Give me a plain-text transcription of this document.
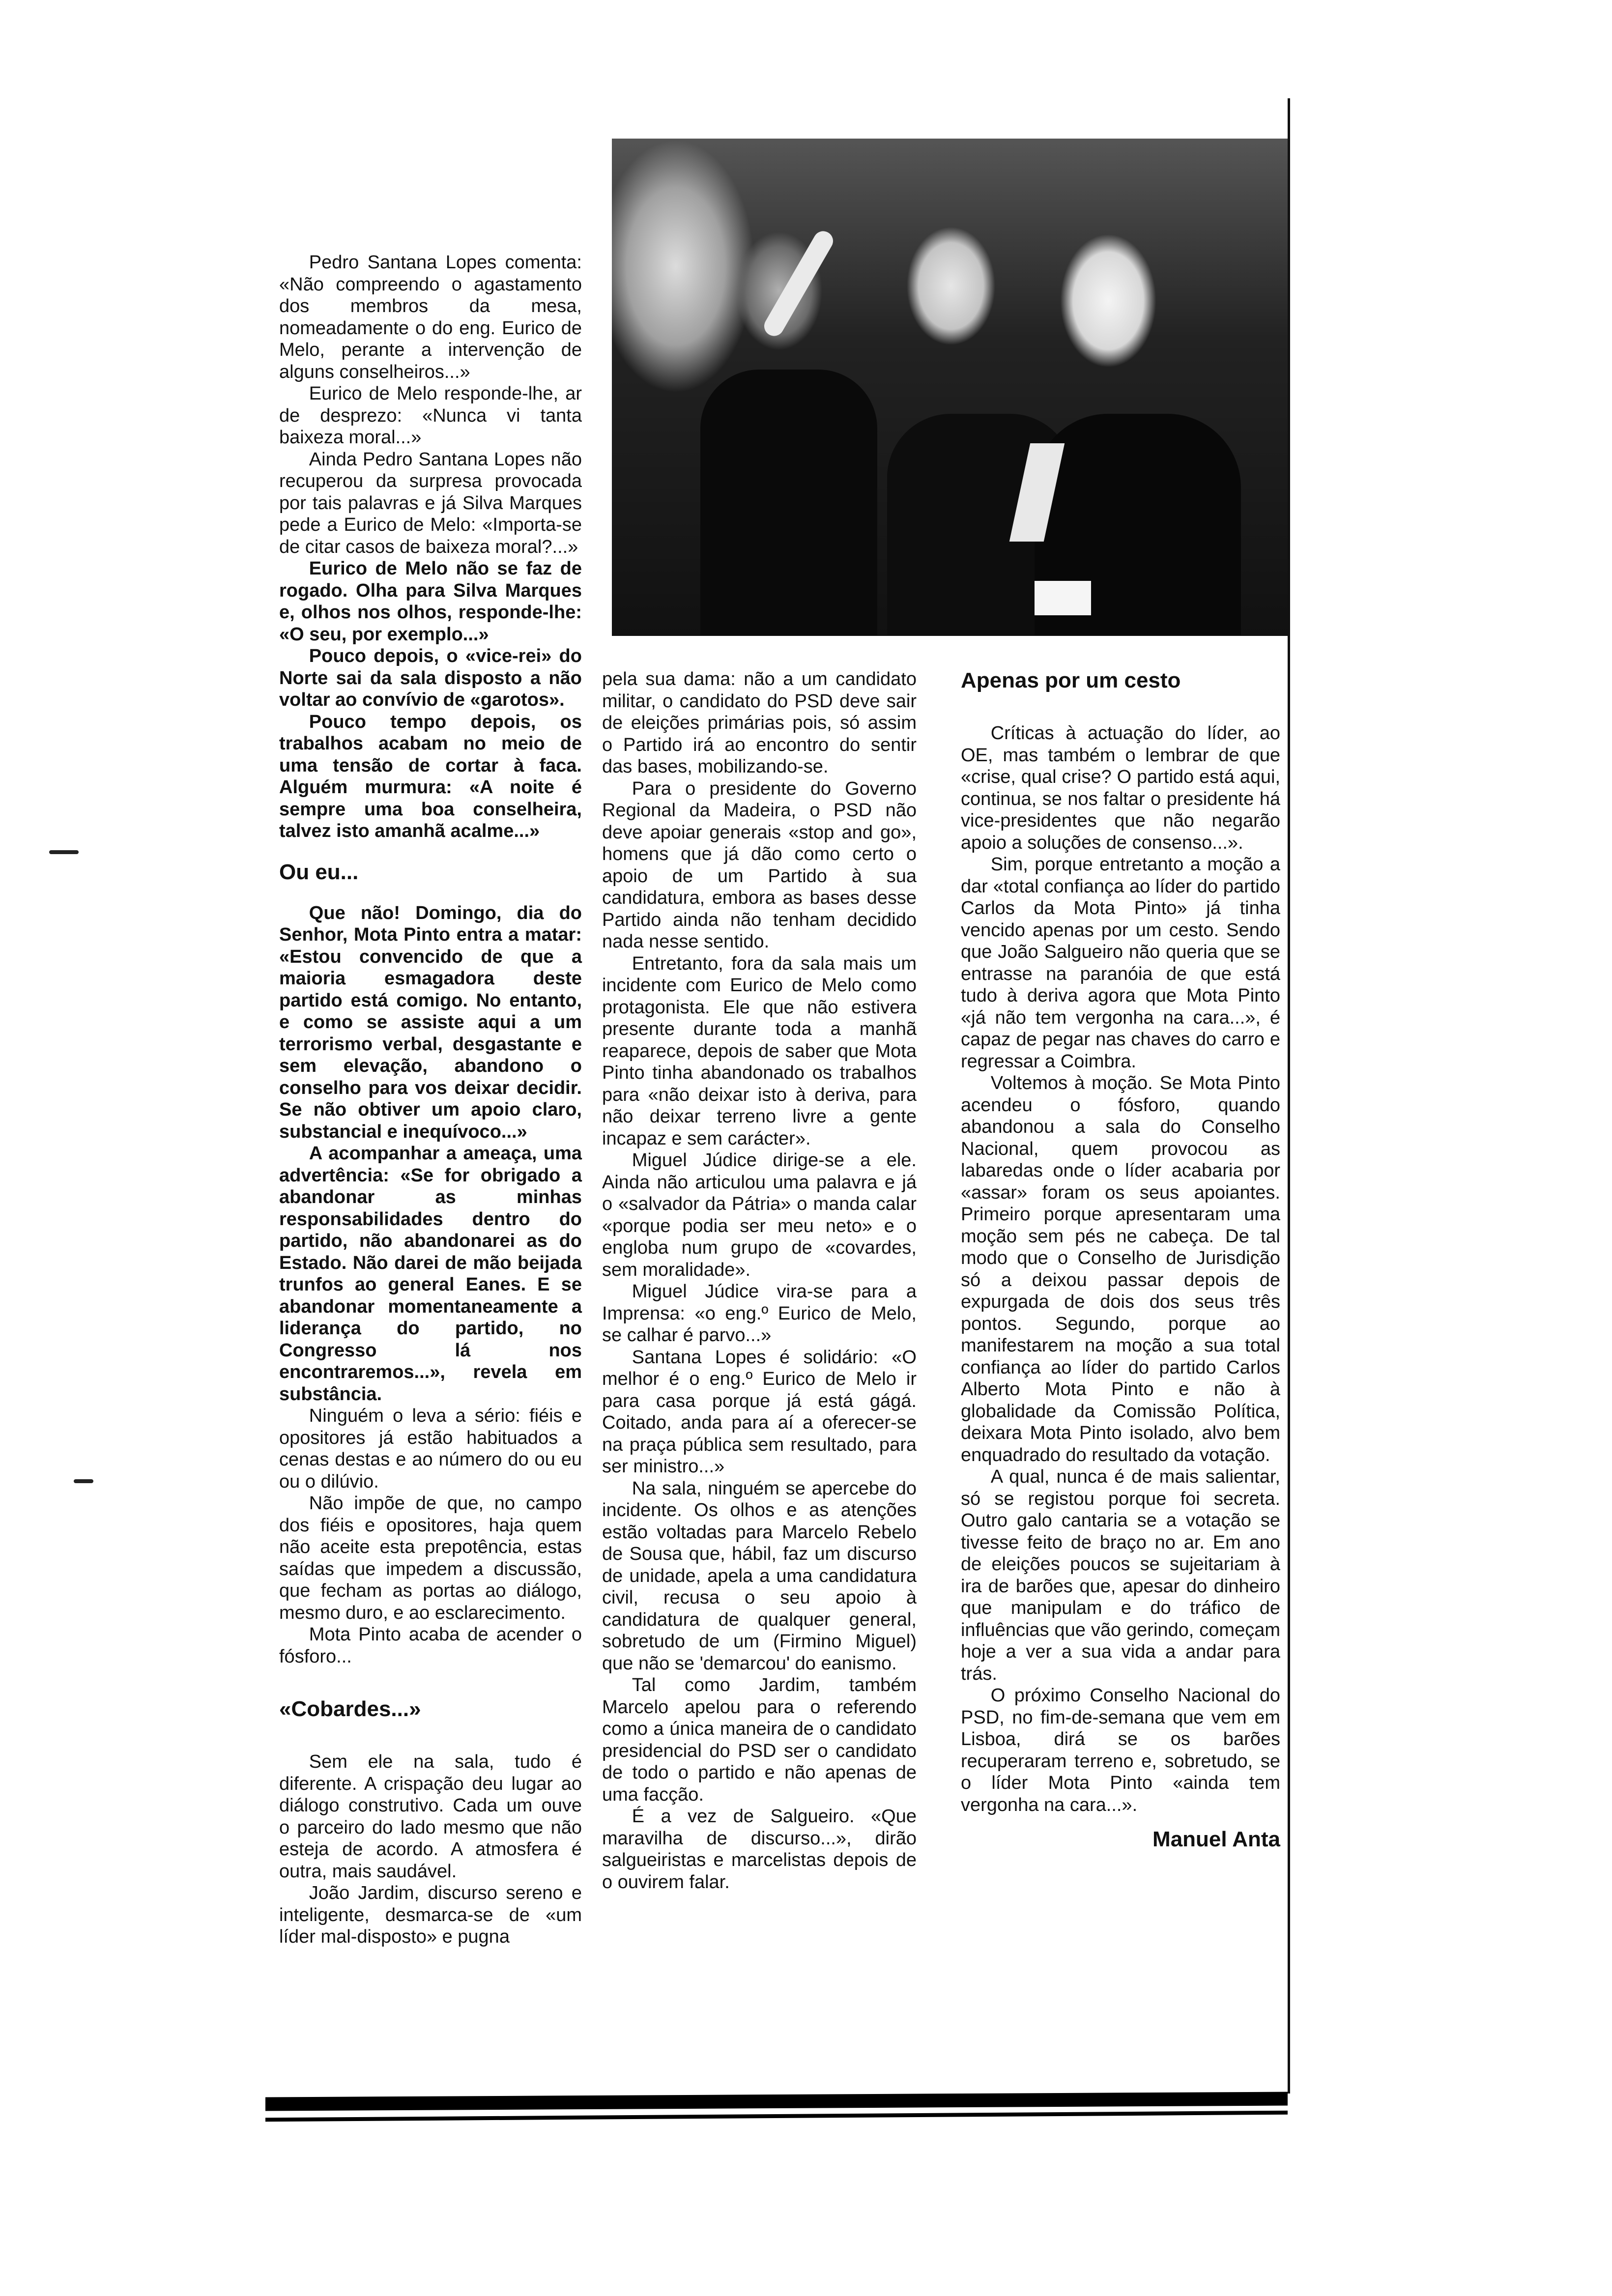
Pedro Santana Lopes comenta: «Não compreendo o agastamento dos membros da mesa, nomeadamente o do eng. Eurico de Melo, perante a intervenção de alguns conselheiros...»

Eurico de Melo responde-lhe, ar de desprezo: «Nunca vi tanta baixeza moral...»

Ainda Pedro Santana Lopes não recuperou da surpresa provocada por tais palavras e já Silva Marques pede a Eurico de Melo: «Importa-se de citar casos de baixeza moral?...»

Eurico de Melo não se faz de rogado. Olha para Silva Marques e, olhos nos olhos, responde-lhe: «O seu, por exemplo...»

Pouco depois, o «vice-rei» do Norte sai da sala disposto a não voltar ao convívio de «garotos».

Pouco tempo depois, os trabalhos acabam no meio de uma tensão de cortar à faca. Alguém murmura: «A noite é sempre uma boa conselheira, talvez isto amanhã acalme...»

Ou eu...

Que não! Domingo, dia do Senhor, Mota Pinto entra a matar: «Estou convencido de que a maioria esmagadora deste partido está comigo. No entanto, e como se assiste aqui a um terrorismo verbal, desgastante e sem elevação, abandono o conselho para vos deixar decidir. Se não obtiver um apoio claro, substancial e inequívoco...»

A acompanhar a ameaça, uma advertência: «Se for obrigado a abandonar as minhas responsabilidades dentro do partido, não abandonarei as do Estado. Não darei de mão beijada trunfos ao general Eanes. E se abandonar momentaneamente a liderança do partido, no Congresso lá nos encontraremos...», revela em substância.

Ninguém o leva a sério: fiéis e opositores já estão habituados a cenas destas e ao número do ou eu ou o dilúvio.

Não impõe de que, no campo dos fiéis e opositores, haja quem não aceite esta prepotência, estas saídas que impedem a discussão, que fecham as portas ao diálogo, mesmo duro, e ao esclarecimento.

Mota Pinto acaba de acender o fósforo...

«Cobardes...»

Sem ele na sala, tudo é diferente. A crispação deu lugar ao diálogo construtivo. Cada um ouve o parceiro do lado mesmo que não esteja de acordo. A atmosfera é outra, mais saudável.

João Jardim, discurso sereno e inteligente, desmarca-se de «um líder mal-disposto» e pugna

pela sua dama: não a um candidato militar, o candidato do PSD deve sair de eleições primárias pois, só assim o Partido irá ao encontro do sentir das bases, mobilizando-se.

Para o presidente do Governo Regional da Madeira, o PSD não deve apoiar generais «stop and go», homens que já dão como certo o apoio de um Partido à sua candidatura, embora as bases desse Partido ainda não tenham decidido nada nesse sentido.

Entretanto, fora da sala mais um incidente com Eurico de Melo como protagonista. Ele que não estivera presente durante toda a manhã reaparece, depois de saber que Mota Pinto tinha abandonado os trabalhos para «não deixar isto à deriva, para não deixar terreno livre a gente incapaz e sem carácter».

Miguel Júdice dirige-se a ele. Ainda não articulou uma palavra e já o «salvador da Pátria» o manda calar «porque podia ser meu neto» e o engloba num grupo de «covardes, sem moralidade».

Miguel Júdice vira-se para a Imprensa: «o eng.º Eurico de Melo, se calhar é parvo...»

Santana Lopes é solidário: «O melhor é o eng.º Eurico de Melo ir para casa porque já está gágá. Coitado, anda para aí a oferecer-se na praça pública sem resultado, para ser ministro...»

Na sala, ninguém se apercebe do incidente. Os olhos e as atenções estão voltadas para Marcelo Rebelo de Sousa que, hábil, faz um discurso de unidade, apela a uma candidatura civil, recusa o seu apoio à candidatura de qualquer general, sobretudo de um (Firmino Miguel) que não se 'demarcou' do eanismo.

Tal como Jardim, também Marcelo apelou para o referendo como a única maneira de o candidato presidencial do PSD ser o candidato de todo o partido e não apenas de uma facção.

É a vez de Salgueiro. «Que maravilha de discurso...», dirão salgueiristas e marcelistas depois de o ouvirem falar.

Apenas por um cesto

Críticas à actuação do líder, ao OE, mas também o lembrar de que «crise, qual crise? O partido está aqui, continua, se nos faltar o presidente há vice-presidentes que não negarão apoio a soluções de consenso...».

Sim, porque entretanto a moção a dar «total confiança ao líder do partido Carlos da Mota Pinto» já tinha vencido apenas por um cesto. Sendo que João Salgueiro não queria que se entrasse na paranóia de que está tudo à deriva agora que Mota Pinto «já não tem vergonha na cara...», é capaz de pegar nas chaves do carro e regressar a Coimbra.

Voltemos à moção. Se Mota Pinto acendeu o fósforo, quando abandonou a sala do Conselho Nacional, quem provocou as labaredas onde o líder acabaria por «assar» foram os seus apoiantes. Primeiro porque apresentaram uma moção sem pés ne cabeça. De tal modo que o Conselho de Jurisdição só a deixou passar depois de expurgada de dois dos seus três pontos. Segundo, porque ao manifestarem na moção a sua total confiança ao líder do partido Carlos Alberto Mota Pinto e não à globalidade da Comissão Política, deixara Mota Pinto isolado, alvo bem enquadrado do resultado da votação.

A qual, nunca é de mais salientar, só se registou porque foi secreta. Outro galo cantaria se a votação se tivesse feito de braço no ar. Em ano de eleições poucos se sujeitariam à ira de barões que, apesar do dinheiro que manipulam e do tráfico de influências que vão gerindo, começam hoje a ver a sua vida a andar para trás.

O próximo Conselho Nacional do PSD, no fim-de-semana que vem em Lisboa, dirá se os barões recuperaram terreno e, sobretudo, se o líder Mota Pinto «ainda tem vergonha na cara...».

Manuel Anta
